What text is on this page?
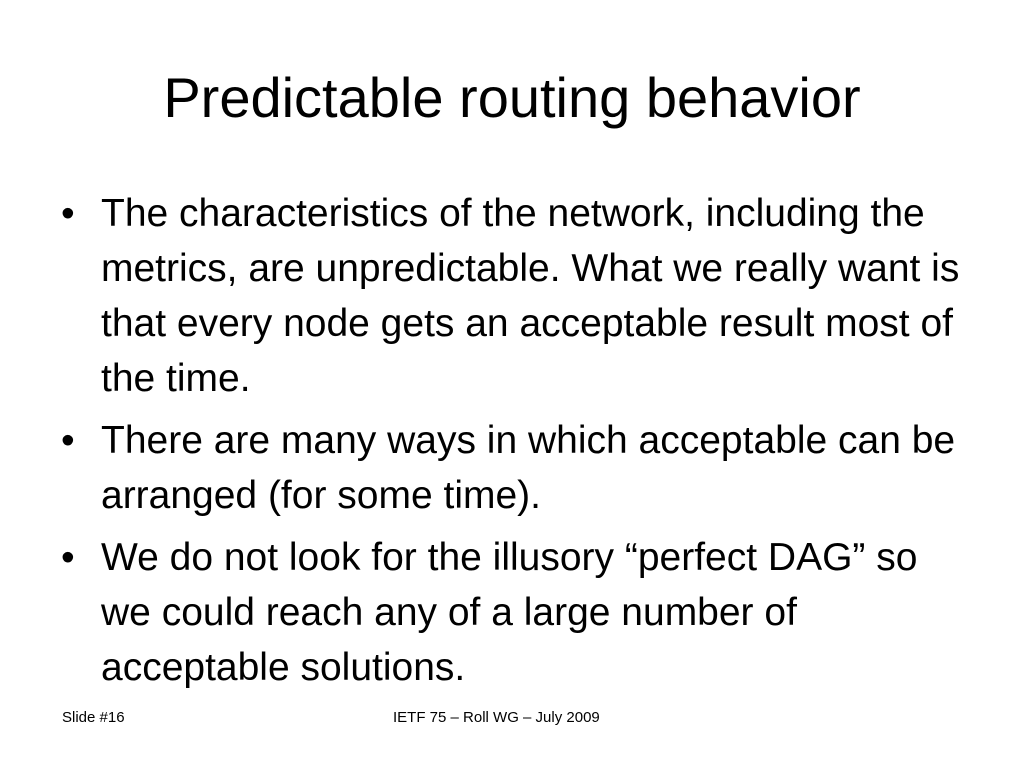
Predictable routing behavior
• The characteristics of the network, including the metrics, are unpredictable. What we really want is that every node gets an acceptable result most of the time.
• There are many ways in which acceptable can be arranged (for some time).
• We do not look for the illusory “perfect DAG” so we could reach any of a large number of acceptable solutions.
Slide #16	IETF 75 – Roll WG – July 2009
